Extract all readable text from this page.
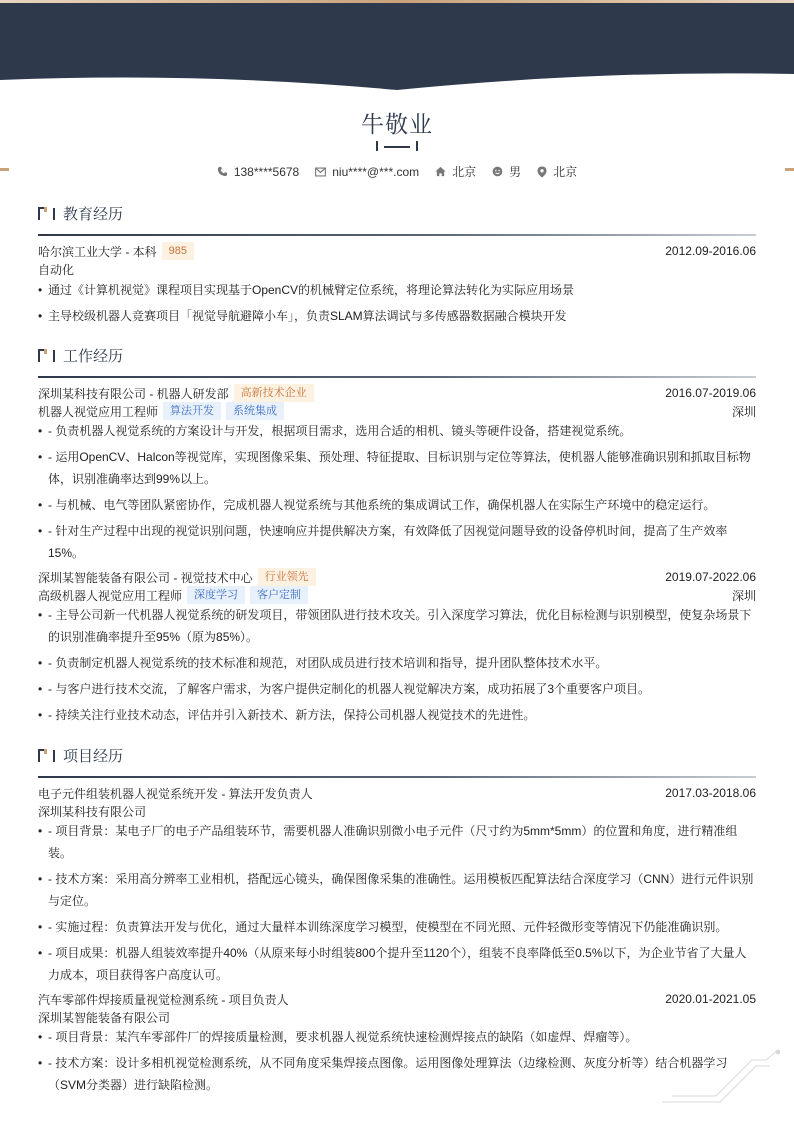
牛敬业
138****5678	niu****@***.com	北京	男	北京
教育经历
哈尔滨工业大学 - 本科	985	2012.09-2016.06
自动化
• 通过《计算机视觉》课程项目实现基于OpenCV的机械臂定位系统，将理论算法转化为实际应用场景
• 主导校级机器人竞赛项目「视觉导航避障小车」，负责SLAM算法调试与多传感器数据融合模块开发
工作经历
深圳某科技有限公司 - 机器人研发部	高新技术企业	2016.07-2019.06
机器人视觉应用工程师	算法开发	系统集成	深圳
• - 负责机器人视觉系统的方案设计与开发，根据项目需求，选用合适的相机、镜头等硬件设备，搭建视觉系统。
• - 运用OpenCV、Halcon等视觉库，实现图像采集、预处理、特征提取、目标识别与定位等算法，使机器人能够准确识别和抓取目标物体，识别准确率达到99%以上。
• - 与机械、电气等团队紧密协作，完成机器人视觉系统与其他系统的集成调试工作，确保机器人在实际生产环境中的稳定运行。
• - 针对生产过程中出现的视觉识别问题，快速响应并提供解决方案，有效降低了因视觉问题导致的设备停机时间，提高了生产效率15%。
深圳某智能装备有限公司 - 视觉技术中心	行业领先	2019.07-2022.06
高级机器人视觉应用工程师	深度学习	客户定制	深圳
• - 主导公司新一代机器人视觉系统的研发项目，带领团队进行技术攻关。引入深度学习算法，优化目标检测与识别模型，使复杂场景下的识别准确率提升至95%（原为85%）。
• - 负责制定机器人视觉系统的技术标准和规范，对团队成员进行技术培训和指导，提升团队整体技术水平。
• - 与客户进行技术交流，了解客户需求，为客户提供定制化的机器人视觉解决方案，成功拓展了3个重要客户项目。
• - 持续关注行业技术动态，评估并引入新技术、新方法，保持公司机器人视觉技术的先进性。
项目经历
电子元件组装机器人视觉系统开发 - 算法开发负责人	2017.03-2018.06
深圳某科技有限公司
• - 项目背景：某电子厂的电子产品组装环节，需要机器人准确识别微小电子元件（尺寸约为5mm*5mm）的位置和角度，进行精准组装。
• - 技术方案：采用高分辨率工业相机，搭配远心镜头，确保图像采集的准确性。运用模板匹配算法结合深度学习（CNN）进行元件识别与定位。
• - 实施过程：负责算法开发与优化，通过大量样本训练深度学习模型，使模型在不同光照、元件轻微形变等情况下仍能准确识别。
• - 项目成果：机器人组装效率提升40%（从原来每小时组装800个提升至1120个），组装不良率降低至0.5%以下，为企业节省了大量人力成本，项目获得客户高度认可。
汽车零部件焊接质量视觉检测系统 - 项目负责人	2020.01-2021.05
深圳某智能装备有限公司
• - 项目背景：某汽车零部件厂的焊接质量检测，要求机器人视觉系统快速检测焊接点的缺陷（如虚焊、焊瘤等）。
• - 技术方案：设计多相机视觉检测系统，从不同角度采集焊接点图像。运用图像处理算法（边缘检测、灰度分析等）结合机器学习（SVM分类器）进行缺陷检测。
